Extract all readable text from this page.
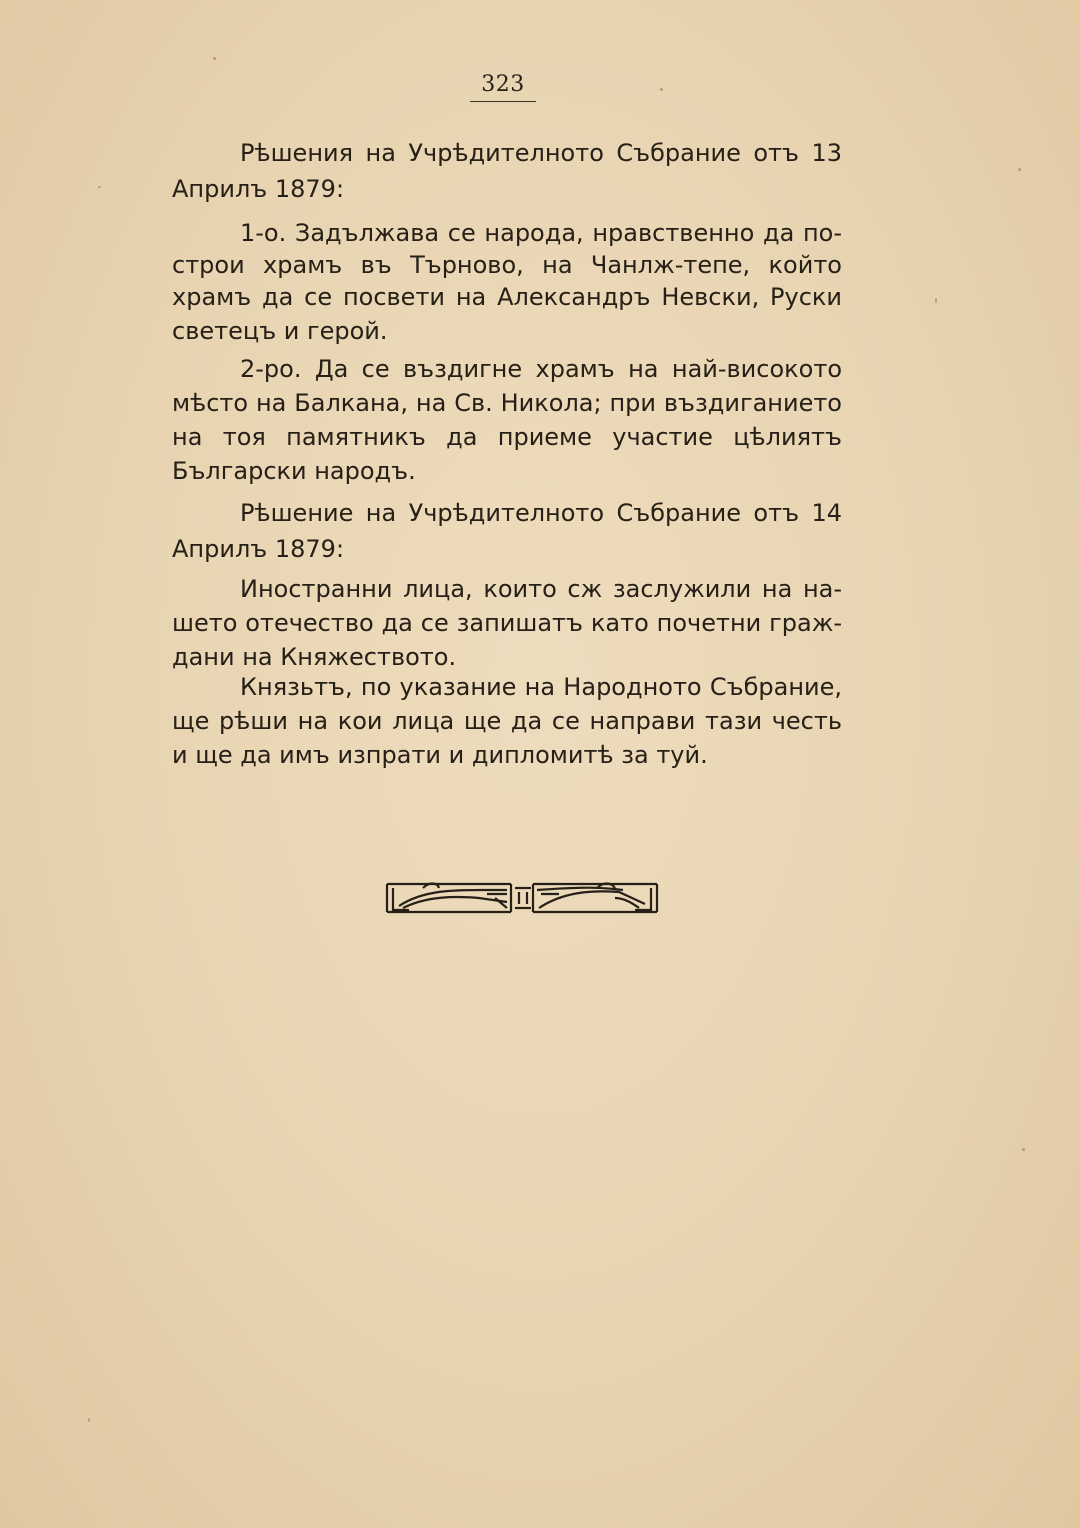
323
Рѣшения на Учрѣдителното Събрание отъ 13
Априлъ 1879:
1-о. Задължава се народа, нравственно да по-
строи храмъ въ Търново, на Чанлж-тепе, който
храмъ да се посвети на Александръ Невски, Руски
светецъ и герой.
2-ро. Да се въздигне храмъ на най-високото
мѣсто на Балкана, на Св. Никола; при въздиганието
на тоя памятникъ да приеме участие цѣлиятъ
Български народъ.
Рѣшение на Учрѣдителното Събрание отъ 14
Априлъ 1879:
Иностранни лица, които сж заслужили на на-
шето отечество да се запишатъ като почетни граж-
дани на Княжеството.
Князьтъ, по указание на Народното Събрание,
ще рѣши на кои лица ще да се направи тази честь
и ще да имъ изпрати и дипломитѣ за туй.
